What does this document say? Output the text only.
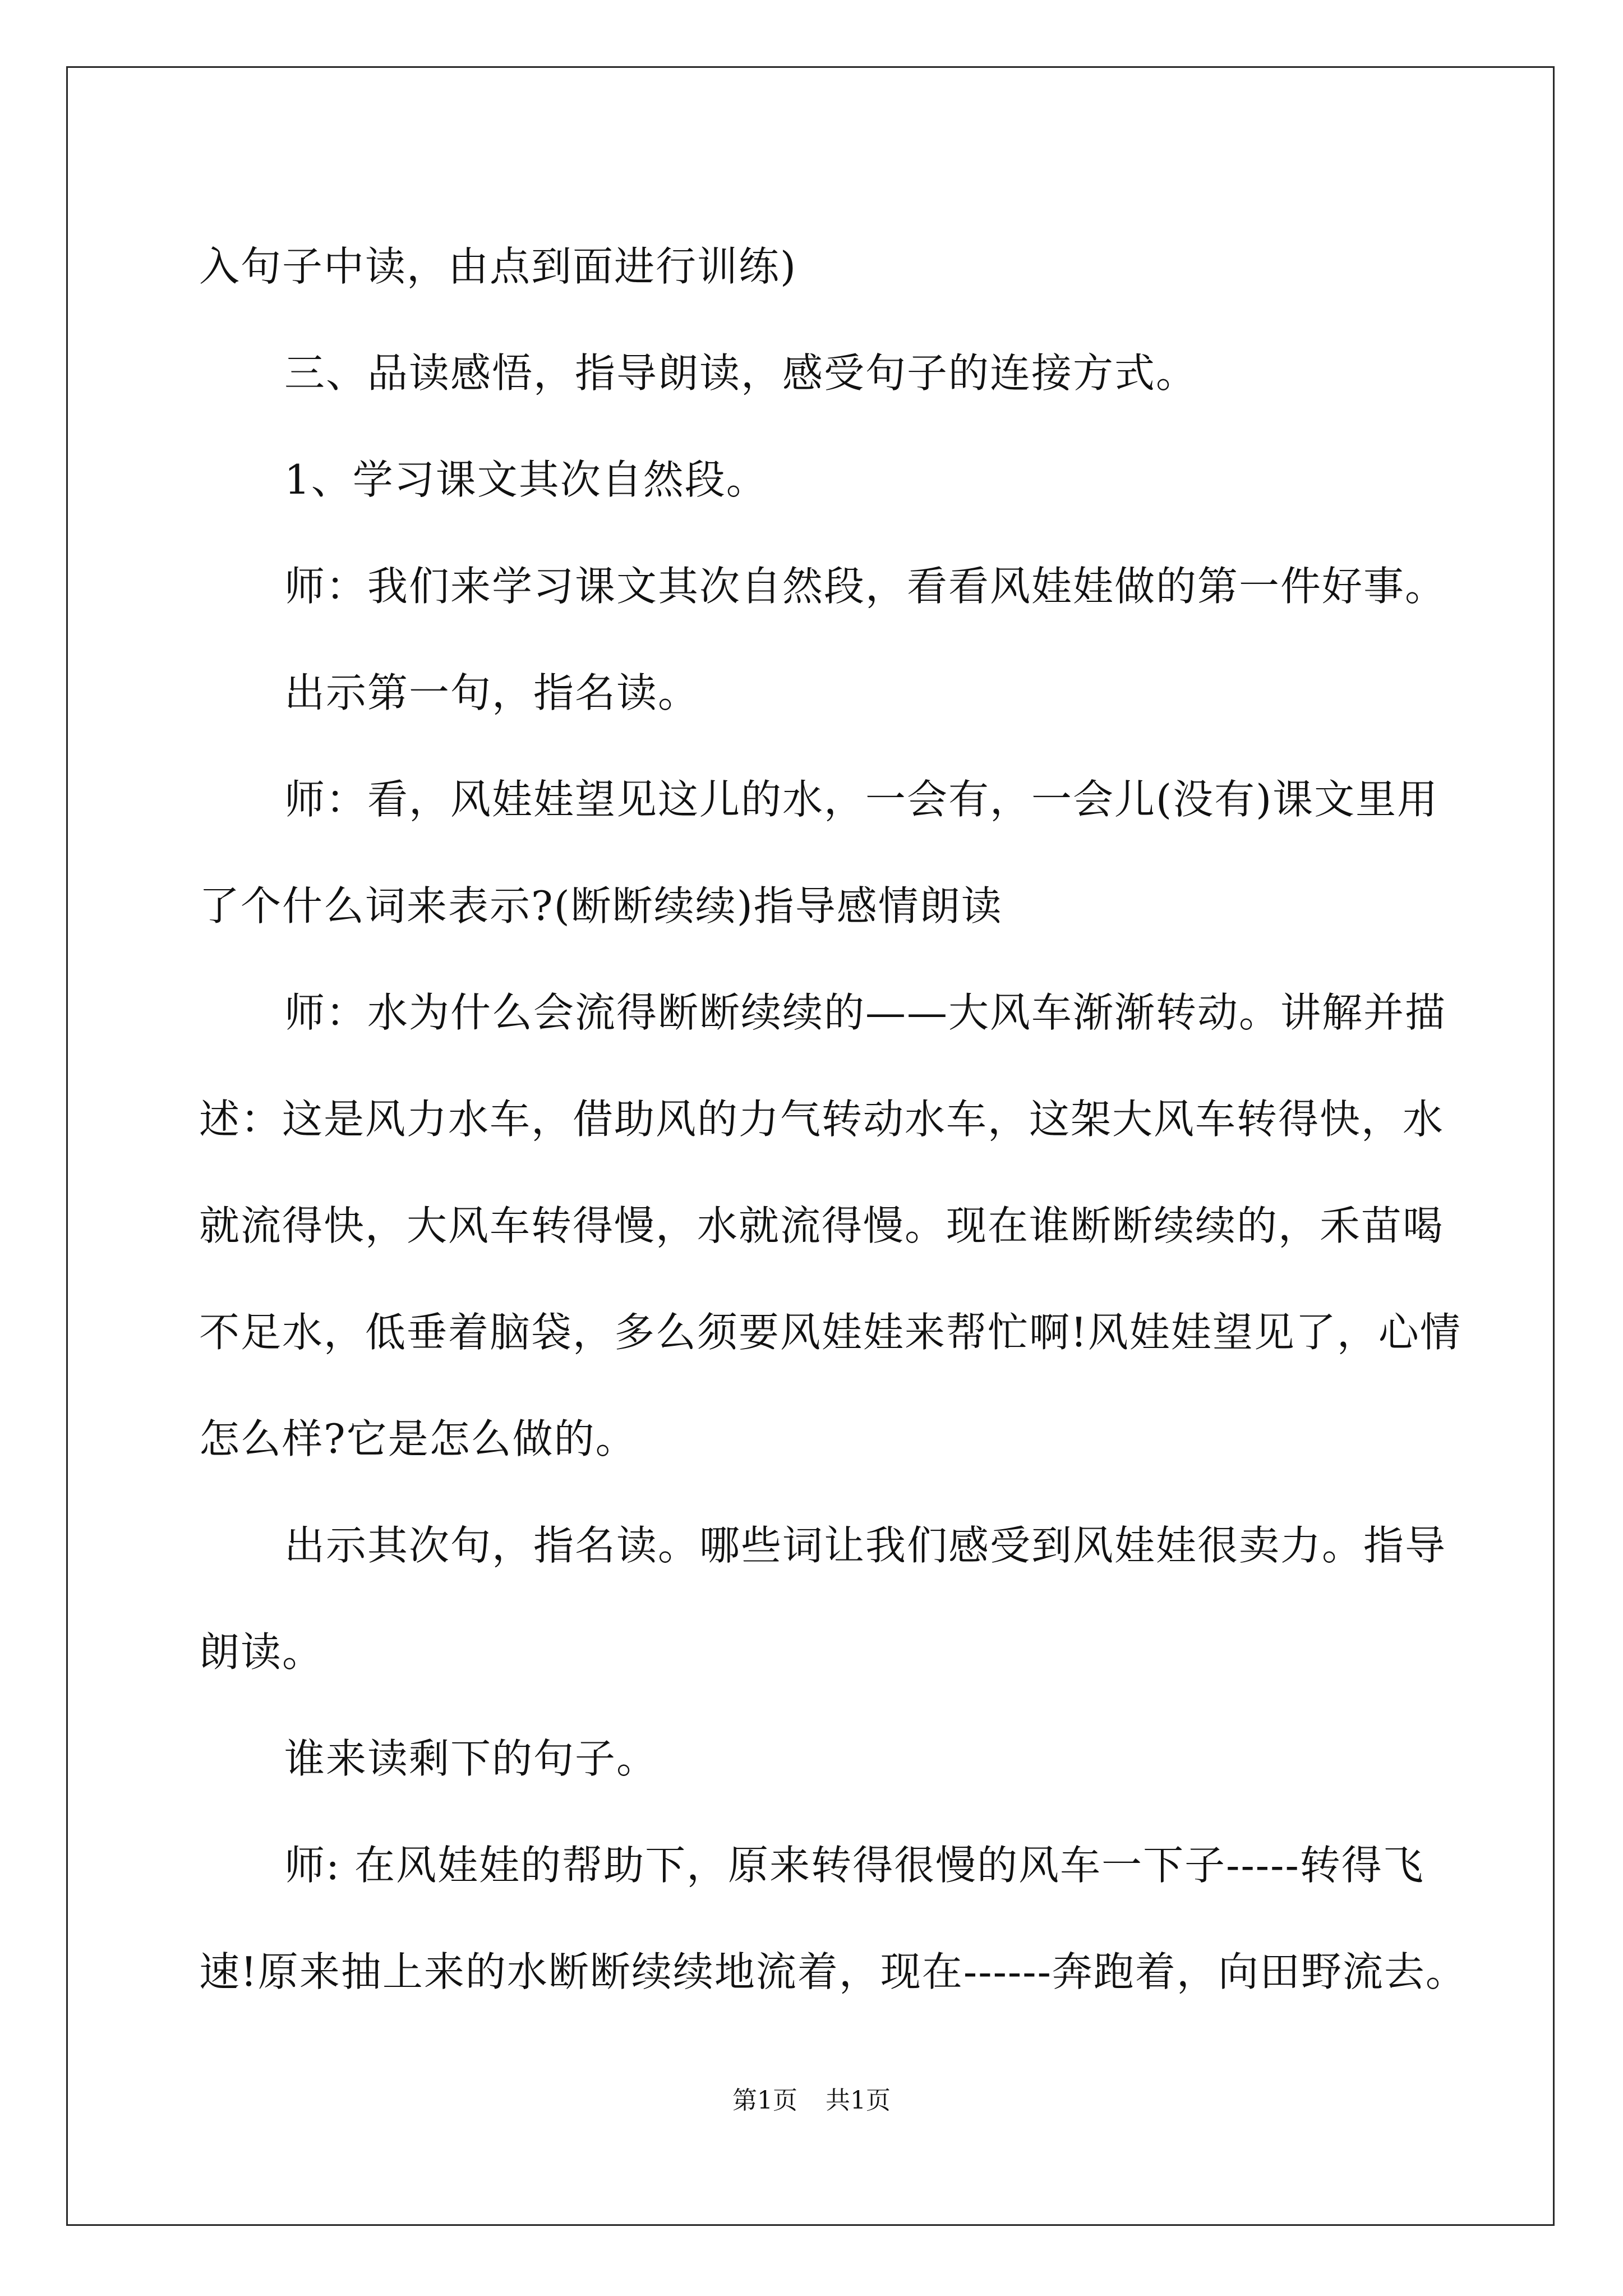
入句子中读，由点到面进行训练)
三、品读感悟，指导朗读，感受句子的连接方式。
1、学习课文其次自然段。
师：我们来学习课文其次自然段，看看风娃娃做的第一件好事。
出示第一句，指名读。
师：看，风娃娃望见这儿的水，一会有，一会儿(没有)课文里用
了个什么词来表示?(断断续续)指导感情朗读
师：水为什么会流得断断续续的——大风车渐渐转动。讲解并描
述：这是风力水车，借助风的力气转动水车，这架大风车转得快，水
就流得快，大风车转得慢，水就流得慢。现在谁断断续续的，禾苗喝
不足水，低垂着脑袋，多么须要风娃娃来帮忙啊!风娃娃望见了，心情
怎么样?它是怎么做的。
出示其次句，指名读。哪些词让我们感受到风娃娃很卖力。指导
朗读。
谁来读剩下的句子。
师: 在风娃娃的帮助下，原来转得很慢的风车一下子-----转得飞
速!原来抽上来的水断断续续地流着，现在------奔跑着，向田野流去。
第1页 共1页
